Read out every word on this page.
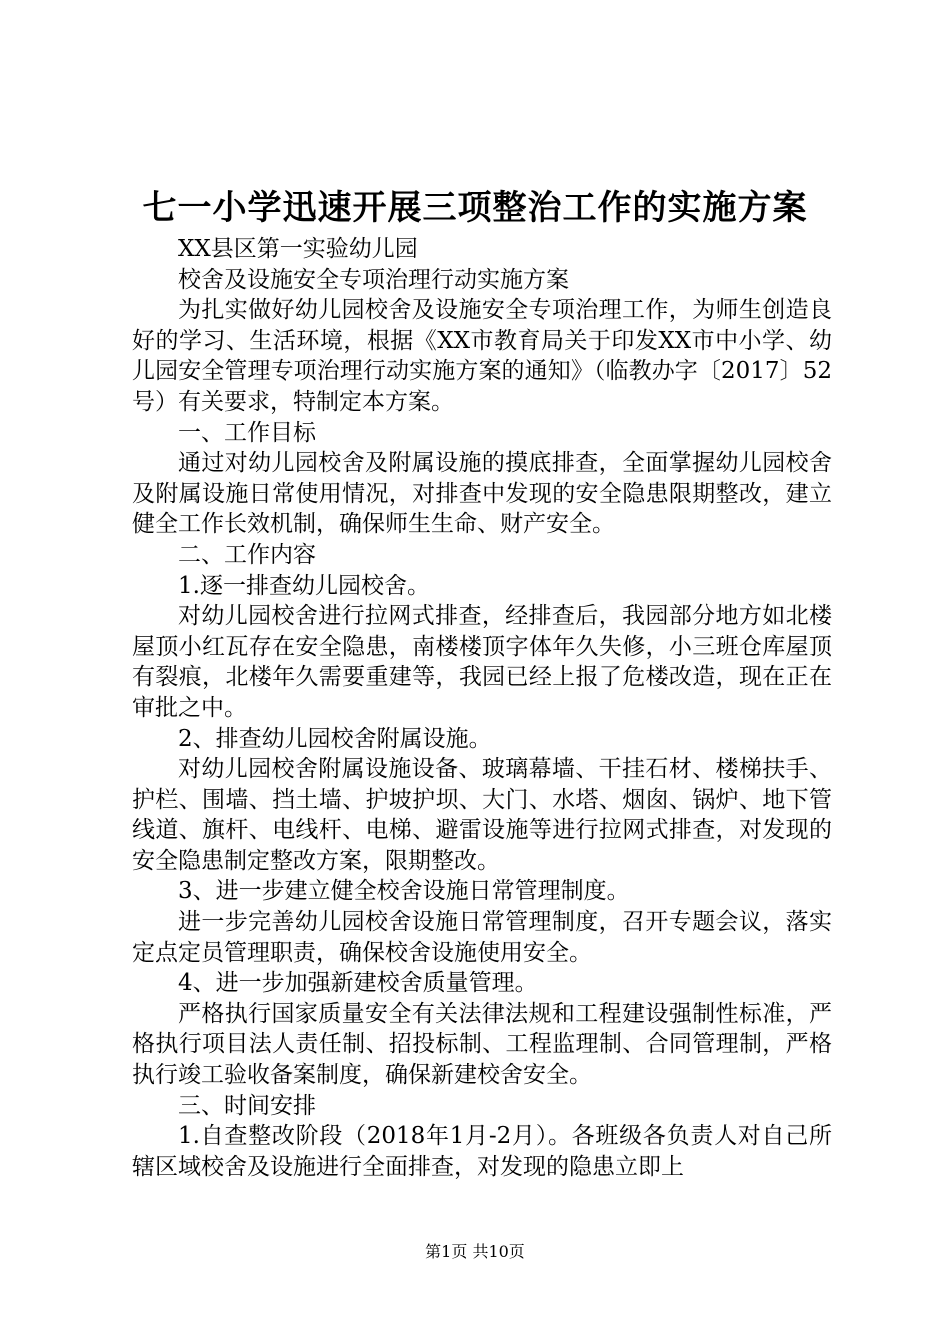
七一小学迅速开展三项整治工作的实施方案

XX县区第一实验幼儿园

校舍及设施安全专项治理行动实施方案

为扎实做好幼儿园校舍及设施安全专项治理工作，为师生创造良好的学习、生活环境，根据《XX市教育局关于印发XX市中小学、幼儿园安全管理专项治理行动实施方案的通知》（临教办字〔2017〕52号）有关要求，特制定本方案。

一、工作目标

通过对幼儿园校舍及附属设施的摸底排查，全面掌握幼儿园校舍及附属设施日常使用情况，对排查中发现的安全隐患限期整改，建立健全工作长效机制，确保师生生命、财产安全。

二、工作内容

1.逐一排查幼儿园校舍。

对幼儿园校舍进行拉网式排查，经排查后，我园部分地方如北楼屋顶小红瓦存在安全隐患，南楼楼顶字体年久失修，小三班仓库屋顶有裂痕，北楼年久需要重建等，我园已经上报了危楼改造，现在正在审批之中。

2、排查幼儿园校舍附属设施。

对幼儿园校舍附属设施设备、玻璃幕墙、干挂石材、楼梯扶手、护栏、围墙、挡土墙、护坡护坝、大门、水塔、烟囱、锅炉、地下管线道、旗杆、电线杆、电梯、避雷设施等进行拉网式排查，对发现的安全隐患制定整改方案，限期整改。

3、进一步建立健全校舍设施日常管理制度。

进一步完善幼儿园校舍设施日常管理制度，召开专题会议，落实定点定员管理职责，确保校舍设施使用安全。

4、进一步加强新建校舍质量管理。

严格执行国家质量安全有关法律法规和工程建设强制性标准，严格执行项目法人责任制、招投标制、工程监理制、合同管理制，严格执行竣工验收备案制度，确保新建校舍安全。

三、时间安排

1.自查整改阶段（2018年1月-2月）。各班级各负责人对自己所辖区域校舍及设施进行全面排查，对发现的隐患立即上

第1页 共10页
